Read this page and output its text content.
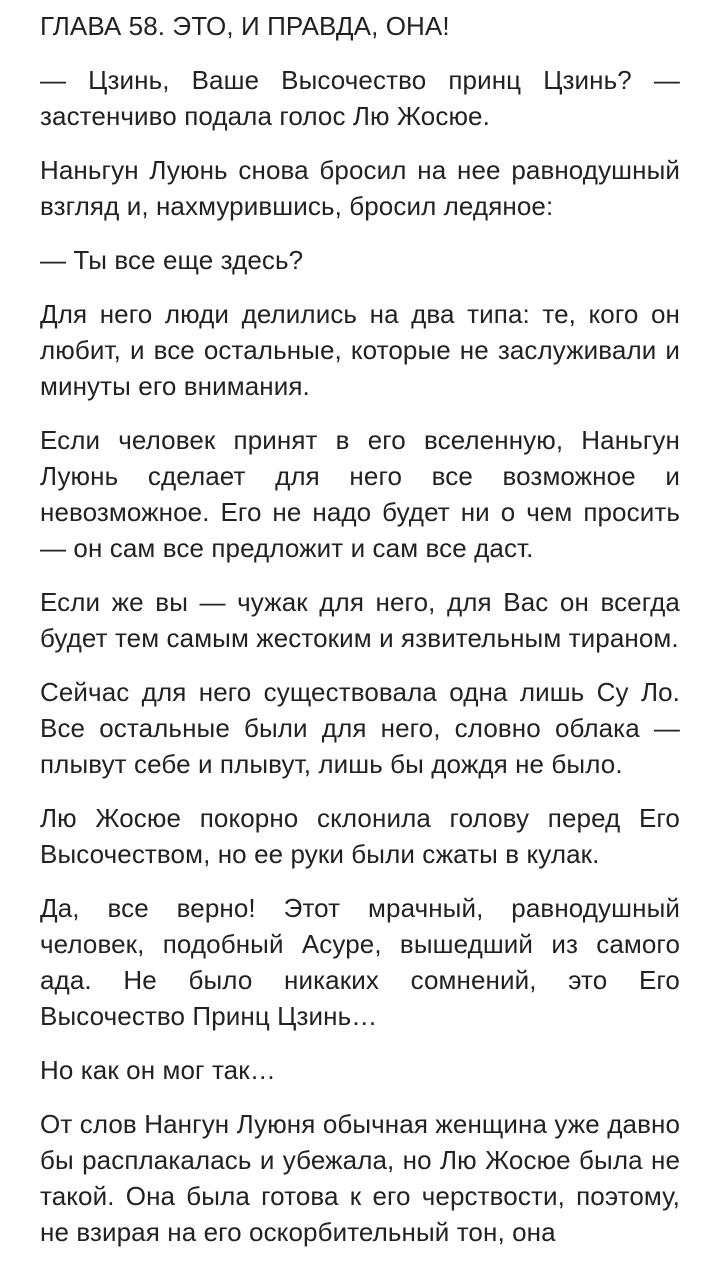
ГЛАВА 58. ЭТО, И ПРАВДА, ОНА!

— Цзинь, Ваше Высочество принц Цзинь? — застенчиво подала голос Лю Жосюе.

Наньгун Луюнь снова бросил на нее равнодушный взгляд и, нахмурившись, бросил ледяное:

— Ты все еще здесь?

Для него люди делились на два типа: те, кого он любит, и все остальные, которые не заслуживали и минуты его внимания.

Если человек принят в его вселенную, Наньгун Луюнь сделает для него все возможное и невозможное. Его не надо будет ни о чем просить — он сам все предложит и сам все даст.

Если же вы — чужак для него, для Вас он всегда будет тем самым жестоким и язвительным тираном.

Сейчас для него существовала одна лишь Су Ло. Все остальные были для него, словно облака — плывут себе и плывут, лишь бы дождя не было.

Лю Жосюе покорно склонила голову перед Его Высочеством, но ее руки были сжаты в кулак.

Да, все верно! Этот мрачный, равнодушный человек, подобный Асуре, вышедший из самого ада. Не было никаких сомнений, это Его Высочество Принц Цзинь…

Но как он мог так…

От слов Нангун Луюня обычная женщина уже давно бы расплакалась и убежала, но Лю Жосюе была не такой. Она была готова к его черствости, поэтому, не взирая на его оскорбительный тон, она
